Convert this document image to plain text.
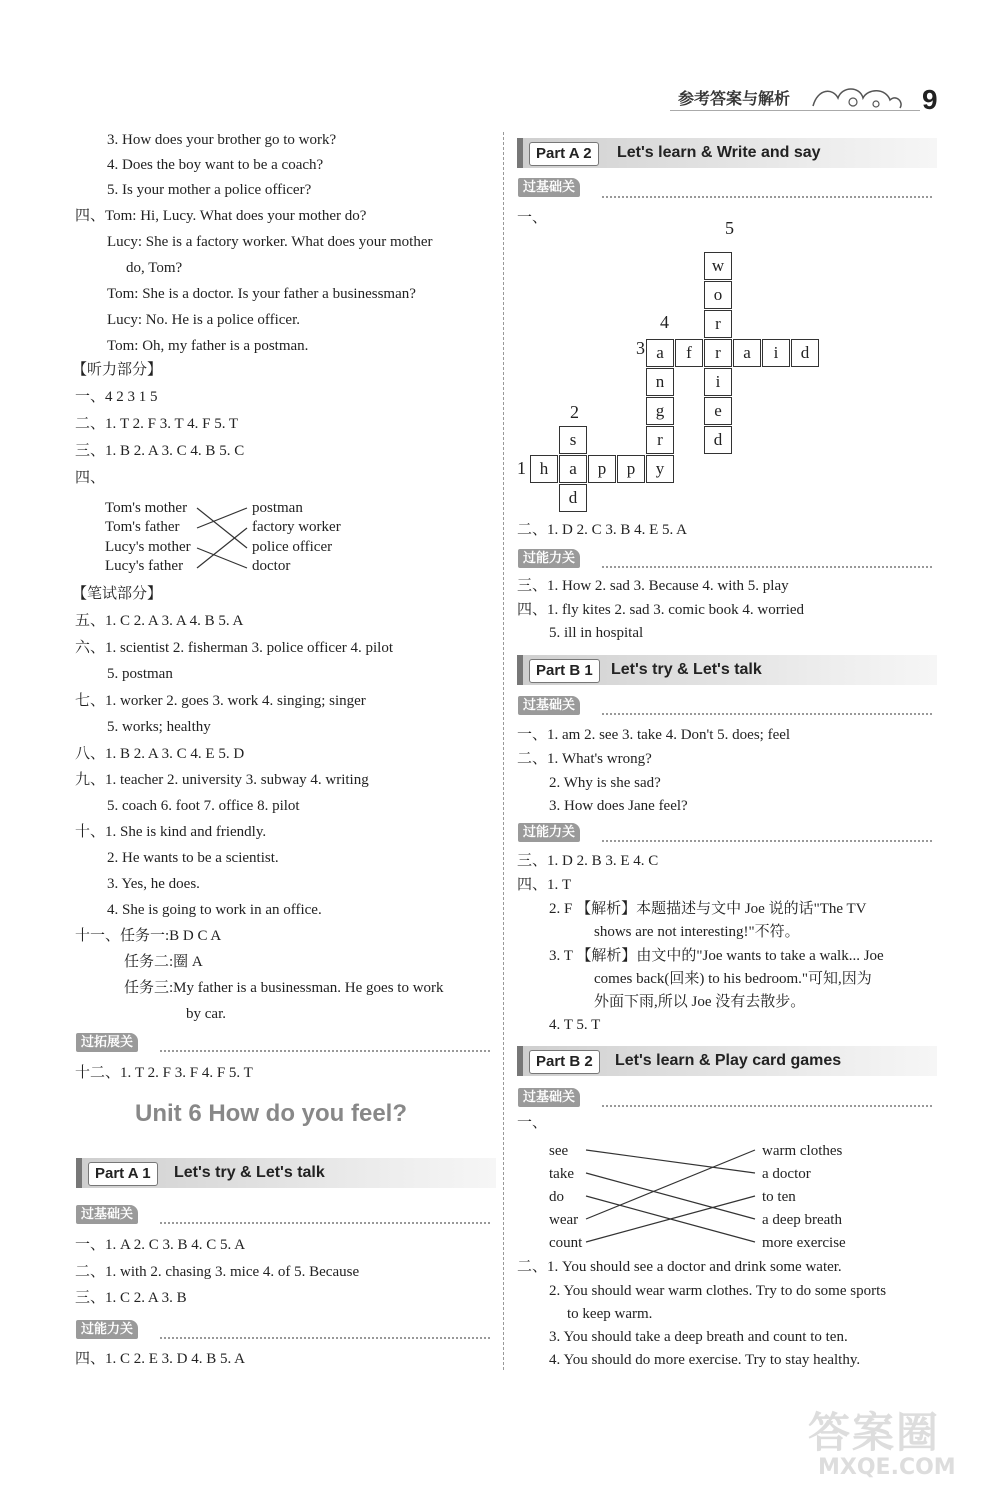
参考答案与解析	9
3. How does your brother go to work?
4. Does the boy want to be a coach?
5. Is your mother a police officer?
四、Tom: Hi, Lucy. What does your mother do?
Lucy: She is a factory worker. What does your mother
do, Tom?
Tom: She is a doctor. Is your father a businessman?
Lucy: No. He is a police officer.
Tom: Oh, my father is a postman.
【听力部分】
一、4 2 3 1 5
二、1. T 2. F 3. T 4. F 5. T
三、1. B 2. A 3. C 4. B 5. C
四、
Tom's mother
Tom's father
Lucy's mother
Lucy's father
postman
factory worker
police officer
doctor
【笔试部分】
五、1. C 2. A 3. A 4. B 5. A
六、1. scientist 2. fisherman 3. police officer 4. pilot
5. postman
七、1. worker 2. goes 3. work 4. singing; singer
5. works; healthy
八、1. B 2. A 3. C 4. E 5. D
九、1. teacher 2. university 3. subway 4. writing
5. coach 6. foot 7. office 8. pilot
十、1. She is kind and friendly.
2. He wants to be a scientist.
3. Yes, he does.
4. She is going to work in an office.
十一、任务一:B D C A
任务二:圈 A
任务三:My father is a businessman. He goes to work
by car.
过拓展关
十二、1. T 2. F 3. F 4. F 5. T
Unit 6 How do you feel?
Part A 1	Let's try & Let's talk
过基础关
一、1. A 2. C 3. B 4. C 5. A
二、1. with 2. chasing 3. mice 4. of 5. Because
三、1. C 2. A 3. B
过能力关
四、1. C 2. E 3. D 4. B 5. A
Part A 2	Let's learn & Write and say
过基础关
一、	5
4
3
2
1 h	a	p	p	y
s
d
a	f	r	a	i	d
n
g
r
w
o
r
i
e
d
二、1. D 2. C 3. B 4. E 5. A
过能力关
三、1. How 2. sad 3. Because 4. with 5. play
四、1. fly kites 2. sad 3. comic book 4. worried
5. ill in hospital
Part B 1	Let's try & Let's talk
过基础关
一、1. am 2. see 3. take 4. Don't 5. does; feel
二、1. What's wrong?
2. Why is she sad?
3. How does Jane feel?
过能力关
三、1. D 2. B 3. E 4. C
四、1. T
2. F 【解析】本题描述与文中 Joe 说的话"The TV
shows are not interesting!"不符。
3. T 【解析】由文中的"Joe wants to take a walk... Joe
comes back(回来) to his bedroom."可知,因为
外面下雨,所以 Joe 没有去散步。
4. T 5. T
Part B 2	Let's learn & Play card games
过基础关
一、
see
take
do
wear
count
warm clothes
a doctor
to ten
a deep breath
more exercise
二、1. You should see a doctor and drink some water.
2. You should wear warm clothes. Try to do some sports
to keep warm.
3. You should take a deep breath and count to ten.
4. You should do more exercise. Try to stay healthy.
答案圈
MXQE.COM
